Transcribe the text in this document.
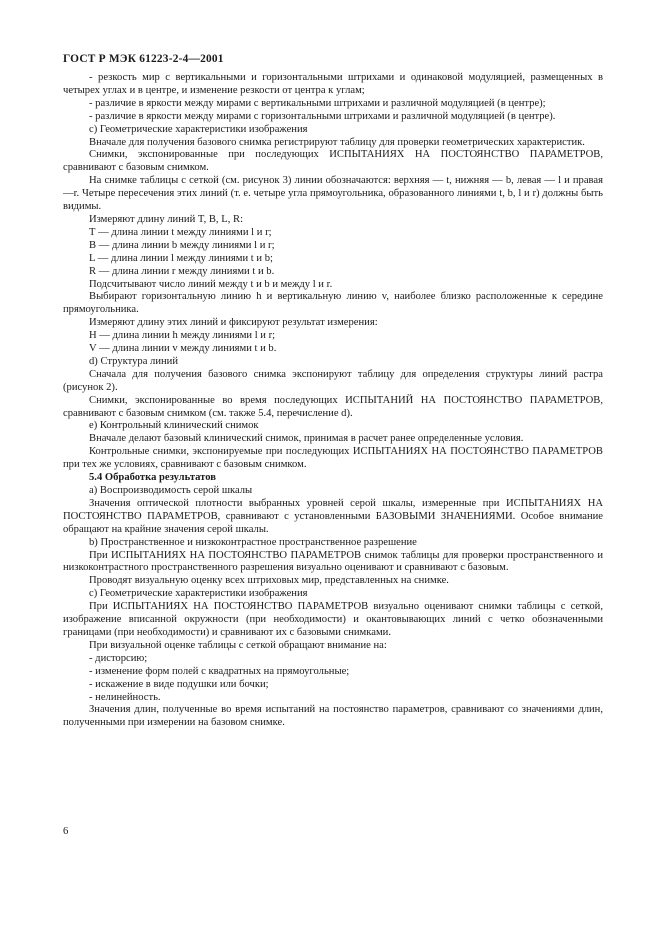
ГОСТ Р МЭК 61223-2-4—2001

- резкость мир с вертикальными и горизонтальными штрихами и одинаковой модуляцией, размещенных в четырех углах и в центре, и изменение резкости от центра к углам;

- различие в яркости между мирами с вертикальными штрихами и различной модуляцией (в центре);

- различие в яркости между мирами с горизонтальными штрихами и различной модуляцией (в центре).

с) Геометрические характеристики изображения

Вначале для получения базового снимка регистрируют таблицу для проверки геометрических характеристик.

Снимки, экспонированные при последующих ИСПЫТАНИЯХ НА ПОСТОЯНСТВО ПАРАМЕТРОВ, сравнивают с базовым снимком.

На снимке таблицы с сеткой (см. рисунок 3) линии обозначаются: верхняя — t, нижняя — b, левая — l и правая —r. Четыре пересечения этих линий (т. е. четыре угла прямоугольника, образованного линиями t, b, l и r) должны быть видимы.

Измеряют длину линий T, B, L, R:

Т — длина линии t между линиями l и r;

В — длина линии b между линиями l и r;

L — длина линии l между линиями t и b;

R — длина линии r между линиями t и b.

Подсчитывают число линий между t и b и между l и r.

Выбирают горизонтальную линию h и вертикальную линию v, наиболее близко расположенные к середине прямоугольника.

Измеряют длину этих линий и фиксируют результат измерения:

Н — длина линии h между линиями l и r;

V — длина линии v между линиями t и b.

d) Структура линий

Сначала для получения базового снимка экспонируют таблицу для определения структуры линий растра (рисунок 2).

Снимки, экспонированные во время последующих ИСПЫТАНИЙ НА ПОСТОЯНСТВО ПАРАМЕТРОВ, сравнивают с базовым снимком (см. также 5.4, перечисление d).

е) Контрольный клинический снимок

Вначале делают базовый клинический снимок, принимая в расчет ранее определенные условия.

Контрольные снимки, экспонируемые при последующих ИСПЫТАНИЯХ НА ПОСТОЯНСТВО ПАРАМЕТРОВ при тех же условиях, сравнивают с базовым снимком.

5.4 Обработка результатов

а) Воспроизводимость серой шкалы

Значения оптической плотности выбранных уровней серой шкалы, измеренные при ИСПЫТАНИЯХ НА ПОСТОЯНСТВО ПАРАМЕТРОВ, сравнивают с установленными БАЗОВЫМИ ЗНАЧЕНИЯМИ. Особое внимание обращают на крайние значения серой шкалы.

b) Пространственное и низкоконтрастное пространственное разрешение

При ИСПЫТАНИЯХ НА ПОСТОЯНСТВО ПАРАМЕТРОВ снимок таблицы для проверки пространственного и низкоконтрастного пространственного разрешения визуально оценивают и сравнивают с базовым.

Проводят визуальную оценку всех штриховых мир, представленных на снимке.

с) Геометрические характеристики изображения

При ИСПЫТАНИЯХ НА ПОСТОЯНСТВО ПАРАМЕТРОВ визуально оценивают снимки таблицы с сеткой, изображение вписанной окружности (при необходимости) и окантовывающих линий с четко обозначенными границами (при необходимости) и сравнивают их с базовыми снимками.

При визуальной оценке таблицы с сеткой обращают внимание на:

- дисторсию;

- изменение форм полей с квадратных на прямоугольные;

- искажение в виде подушки или бочки;

- нелинейность.

Значения длин, полученные во время испытаний на постоянство параметров, сравнивают со значениями длин, полученными при измерении на базовом снимке.

6
